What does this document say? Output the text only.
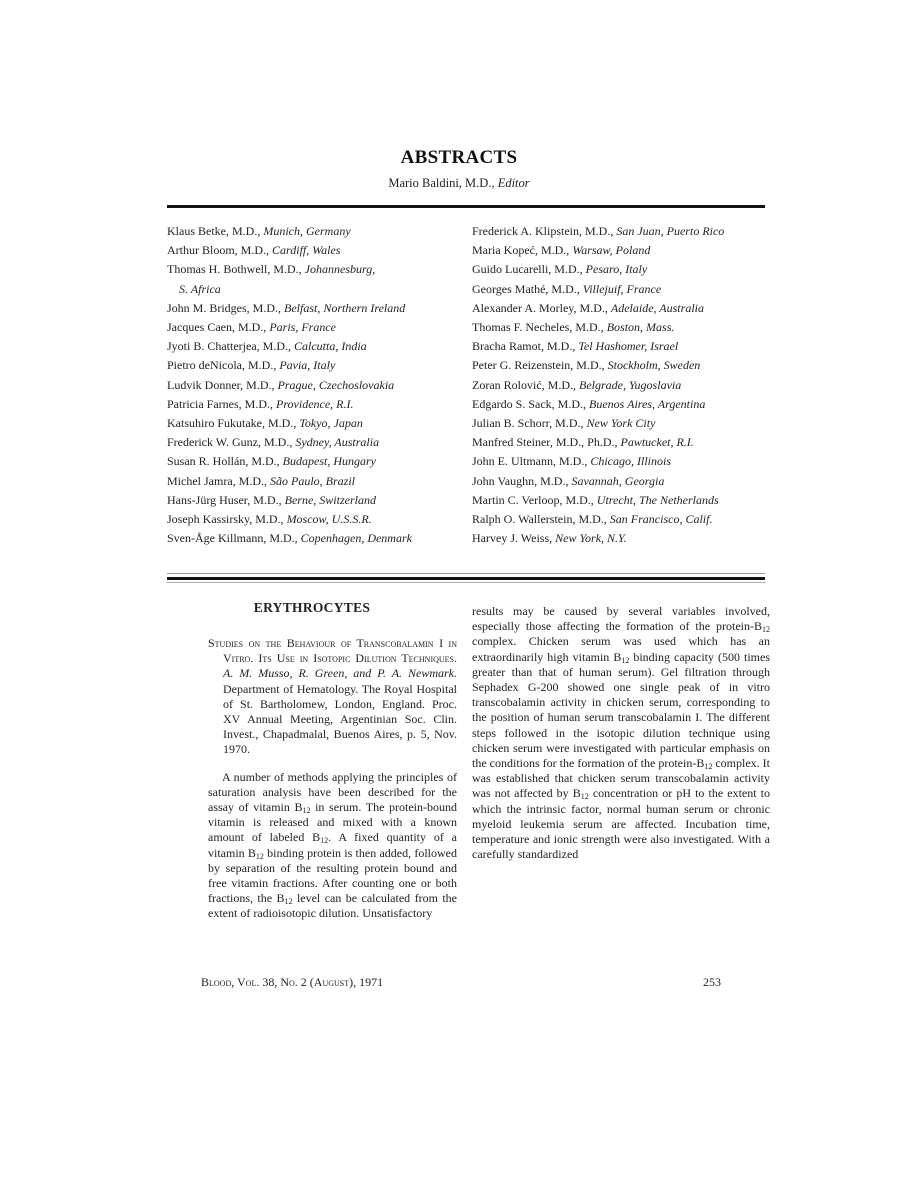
ABSTRACTS
Mario Baldini, M.D., Editor
Klaus Betke, M.D., Munich, Germany
Arthur Bloom, M.D., Cardiff, Wales
Thomas H. Bothwell, M.D., Johannesburg,
S. Africa
John M. Bridges, M.D., Belfast, Northern Ireland
Jacques Caen, M.D., Paris, France
Jyoti B. Chatterjea, M.D., Calcutta, India
Pietro deNicola, M.D., Pavia, Italy
Ludvik Donner, M.D., Prague, Czechoslovakia
Patricia Farnes, M.D., Providence, R.I.
Katsuhiro Fukutake, M.D., Tokyo, Japan
Frederick W. Gunz, M.D., Sydney, Australia
Susan R. Hollán, M.D., Budapest, Hungary
Michel Jamra, M.D., São Paulo, Brazil
Hans-Jürg Huser, M.D., Berne, Switzerland
Joseph Kassirsky, M.D., Moscow, U.S.S.R.
Sven-Åge Killmann, M.D., Copenhagen, Denmark
Frederick A. Klipstein, M.D., San Juan, Puerto Rico
Maria Kopeć, M.D., Warsaw, Poland
Guido Lucarelli, M.D., Pesaro, Italy
Georges Mathé, M.D., Villejuif, France
Alexander A. Morley, M.D., Adelaide, Australia
Thomas F. Necheles, M.D., Boston, Mass.
Bracha Ramot, M.D., Tel Hashomer, Israel
Peter G. Reizenstein, M.D., Stockholm, Sweden
Zoran Rolović, M.D., Belgrade, Yugoslavia
Edgardo S. Sack, M.D., Buenos Aires, Argentina
Julian B. Schorr, M.D., New York City
Manfred Steiner, M.D., Ph.D., Pawtucket, R.I.
John E. Ultmann, M.D., Chicago, Illinois
John Vaughn, M.D., Savannah, Georgia
Martin C. Verloop, M.D., Utrecht, The Netherlands
Ralph O. Wallerstein, M.D., San Francisco, Calif.
Harvey J. Weiss, New York, N.Y.
ERYTHROCYTES

Studies on the Behaviour of Transcobalamin I in Vitro. Its Use in Isotopic Dilution Techniques. A. M. Musso, R. Green, and P. A. Newmark. Department of Hematology. The Royal Hospital of St. Bartholomew, London, England. Proc. XV Annual Meeting, Argentinian Soc. Clin. Invest., Chapadmalal, Buenos Aires, p. 5, Nov. 1970.

A number of methods applying the principles of saturation analysis have been described for the assay of vitamin $B_{12}$ in serum. The protein-bound vitamin is released and mixed with a known amount of labeled $B_{12}$. A fixed quantity of a vitamin $B_{12}$ binding protein is then added, followed by separation of the resulting protein bound and free vitamin fractions. After counting one or both fractions, the $B_{12}$ level can be calculated from the extent of radioisotopic dilution. Unsatisfactory

results may be caused by several variables involved, especially those affecting the formation of the protein-$B_{12}$ complex. Chicken serum was used which has an extraordinarily high vitamin $B_{12}$ binding capacity (500 times greater than that of human serum). Gel filtration through Sephadex G-200 showed one single peak of in vitro transcobalamin activity in chicken serum, corresponding to the position of human serum transcobalamin I. The different steps followed in the isotopic dilution technique using chicken serum were investigated with particular emphasis on the conditions for the formation of the protein-$B_{12}$ complex. It was established that chicken serum transcobalamin activity was not affected by $B_{12}$ concentration or pH to the extent to which the intrinsic factor, normal human serum or chronic myeloid leukemia serum are affected. Incubation time, temperature and ionic strength were also investigated. With a carefully standardized

Blood, Vol. 38, No. 2 (August), 1971	253
